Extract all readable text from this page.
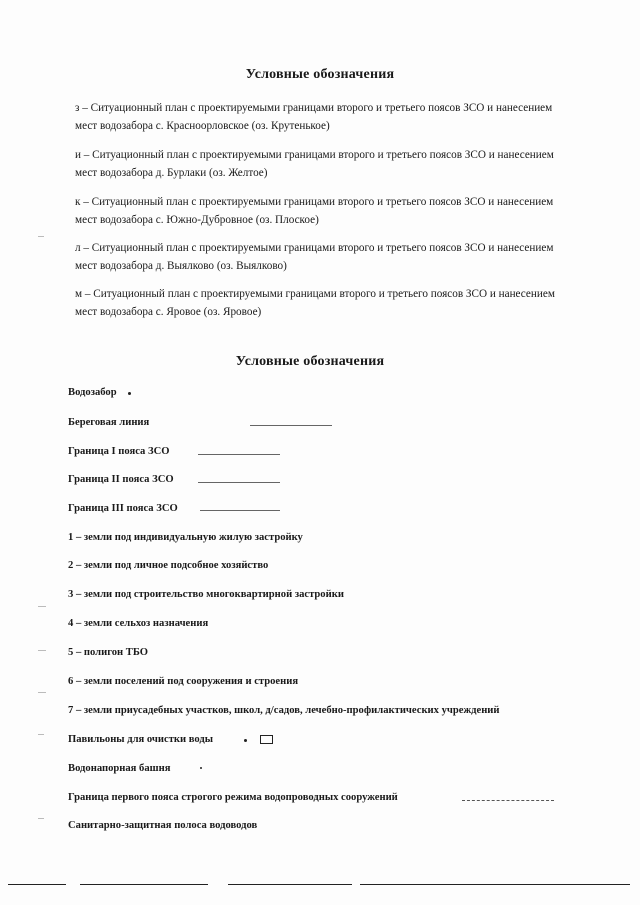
Условные обозначения
з – Ситуационный план с проектируемыми границами второго и третьего поясов ЗСО и нанесением
мест водозабора с. Красноорловское (оз. Крутенькое)
и – Ситуационный план с проектируемыми границами второго и третьего поясов ЗСО и нанесением
мест водозабора д. Бурлаки (оз. Желтое)
к – Ситуационный план с проектируемыми границами второго и третьего поясов ЗСО и нанесением
мест водозабора с. Южно-Дубровное (оз. Плоское)
л – Ситуационный план с проектируемыми границами второго и третьего поясов ЗСО и нанесением
мест водозабора д. Выялково (оз. Выялково)
м – Ситуационный план с проектируемыми границами второго и третьего поясов ЗСО и нанесением
мест водозабора с. Яровое (оз. Яровое)
Условные обозначения
Водозабор
Береговая линия
Граница I пояса ЗСО
Граница II пояса ЗСО
Граница III пояса ЗСО
1 – земли под индивидуальную жилую застройку
2 – земли под личное подсобное хозяйство
3 – земли под строительство многоквартирной застройки
4 – земли сельхоз назначения
5 – полигон ТБО
6 – земли поселений под сооружения и строения
7 – земли приусадебных участков, школ, д/садов, лечебно-профилактических учреждений
Павильоны для очистки воды
Водонапорная башня
Граница первого пояса строгого режима водопроводных сооружений
Санитарно-защитная полоса водоводов
